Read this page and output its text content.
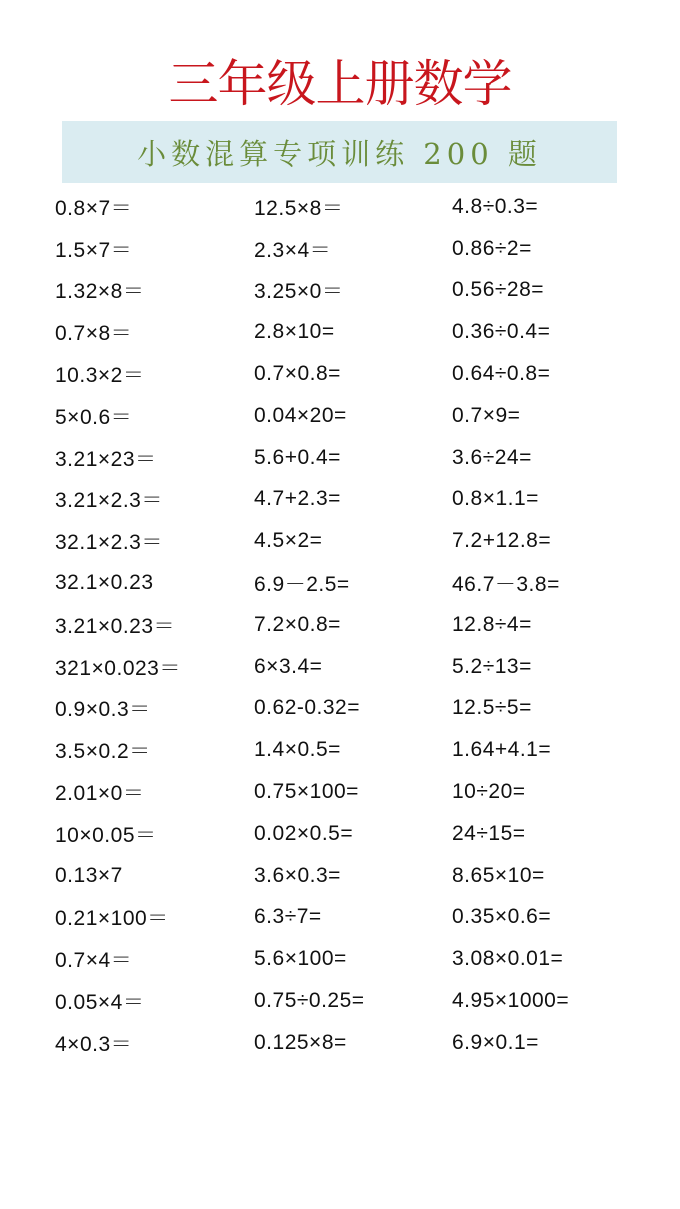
三年级上册数学
小数混算专项训练 200 题
0.8×7＝	12.5×8＝	4.8÷0.3=
1.5×7＝	2.3×4＝	0.86÷2=
1.32×8＝	3.25×0＝	0.56÷28=
0.7×8＝	2.8×10=	0.36÷0.4=
10.3×2＝	0.7×0.8=	0.64÷0.8=
5×0.6＝	0.04×20=	0.7×9=
3.21×23＝	5.6+0.4=	3.6÷24=
3.21×2.3＝	4.7+2.3=	0.8×1.1=
32.1×2.3＝	4.5×2=	7.2+12.8=
32.1×0.23	6.9－2.5=	46.7－3.8=
3.21×0.23＝	7.2×0.8=	12.8÷4=
321×0.023＝	6×3.4=	5.2÷13=
0.9×0.3＝	0.62-0.32=	12.5÷5=
3.5×0.2＝	1.4×0.5=	1.64+4.1=
2.01×0＝	0.75×100=	10÷20=
10×0.05＝	0.02×0.5=	24÷15=
0.13×7	3.6×0.3=	8.65×10=
0.21×100＝	6.3÷7=	0.35×0.6=
0.7×4＝	5.6×100=	3.08×0.01=
0.05×4＝	0.75÷0.25=	4.95×1000=
4×0.3＝	0.125×8=	6.9×0.1=
